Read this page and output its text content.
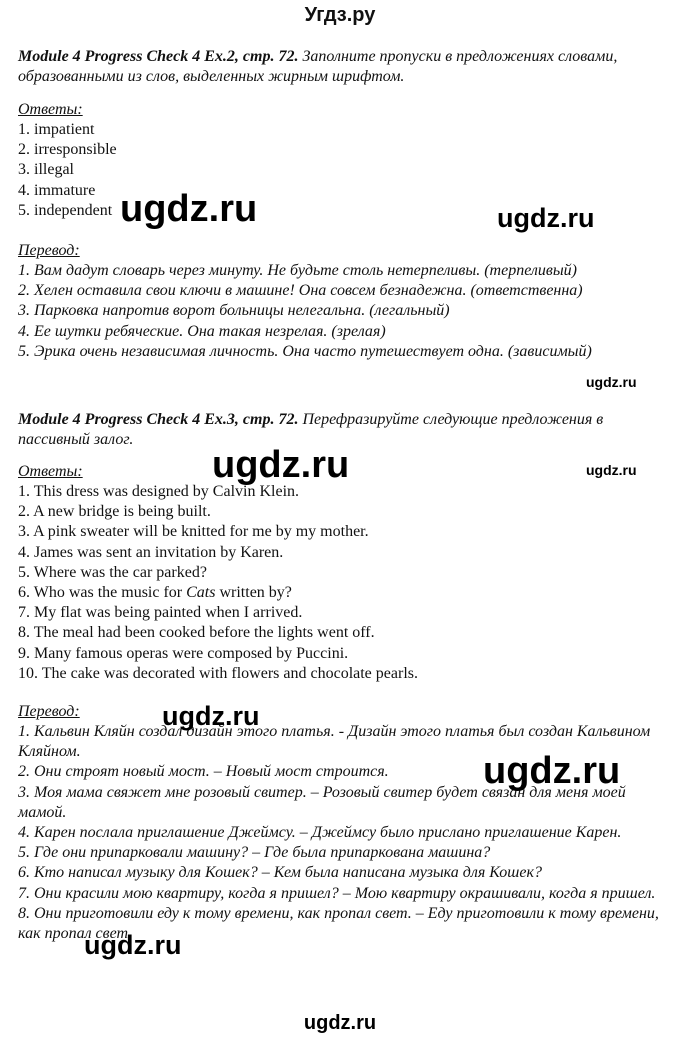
Угдз.ру

Module 4 Progress Check 4 Ex.2, стр. 72. Заполните пропуски в предложениях словами, образованными из слов, выделенных жирным шрифтом.

Ответы:
1. impatient
2. irresponsible
3. illegal
4. immature
5. independent
Перевод:
1. Вам дадут словарь через минуту. Не будьте столь нетерпеливы. (терпеливый)
2. Хелен оставила свои ключи в машине! Она совсем безнадежна. (ответственна)
3. Парковка напротив ворот больницы нелегальна. (легальный)
4. Ее шутки ребяческие. Она такая незрелая. (зрелая)
5. Эрика очень независимая личность. Она часто путешествует одна. (зависимый)

Module 4 Progress Check 4 Ex.3, стр. 72. Перефразируйте следующие предложения в пассивный залог.

Ответы:
1. This dress was designed by Calvin Klein.
2. A new bridge is being built.
3. A pink sweater will be knitted for me by my mother.
4. James was sent an invitation by Karen.
5. Where was the car parked?
6. Who was the music for Cats written by?
7. My flat was being painted when I arrived.
8. The meal had been cooked before the lights went off.
9. Many famous operas were composed by Puccini.
10. The cake was decorated with flowers and chocolate pearls.
Перевод:
1. Кальвин Кляйн создал дизайн этого платья. - Дизайн этого платья был создан Кальвином Кляйном.
2. Они строят новый мост. – Новый мост строится.
3. Моя мама свяжет мне розовый свитер. – Розовый свитер будет связан для меня моей мамой.
4. Карен послала приглашение Джеймсу. – Джеймсу было прислано приглашение Карен.
5. Где они припарковали машину? – Где была припаркована машина?
6. Кто написал музыку для Кошек? – Кем была написана музыка для Кошек?
7. Они красили мою квартиру, когда я пришел? – Мою квартиру окрашивали, когда я пришел.
8. Они приготовили еду к тому времени, как пропал свет. – Еду приготовили к тому времени, как пропал свет.
ugdz.ru	ugdz.ru
ugdz.ru
ugdz.ru	ugdz.ru
ugdz.ru
ugdz.ru
ugdz.ru
ugdz.ru
